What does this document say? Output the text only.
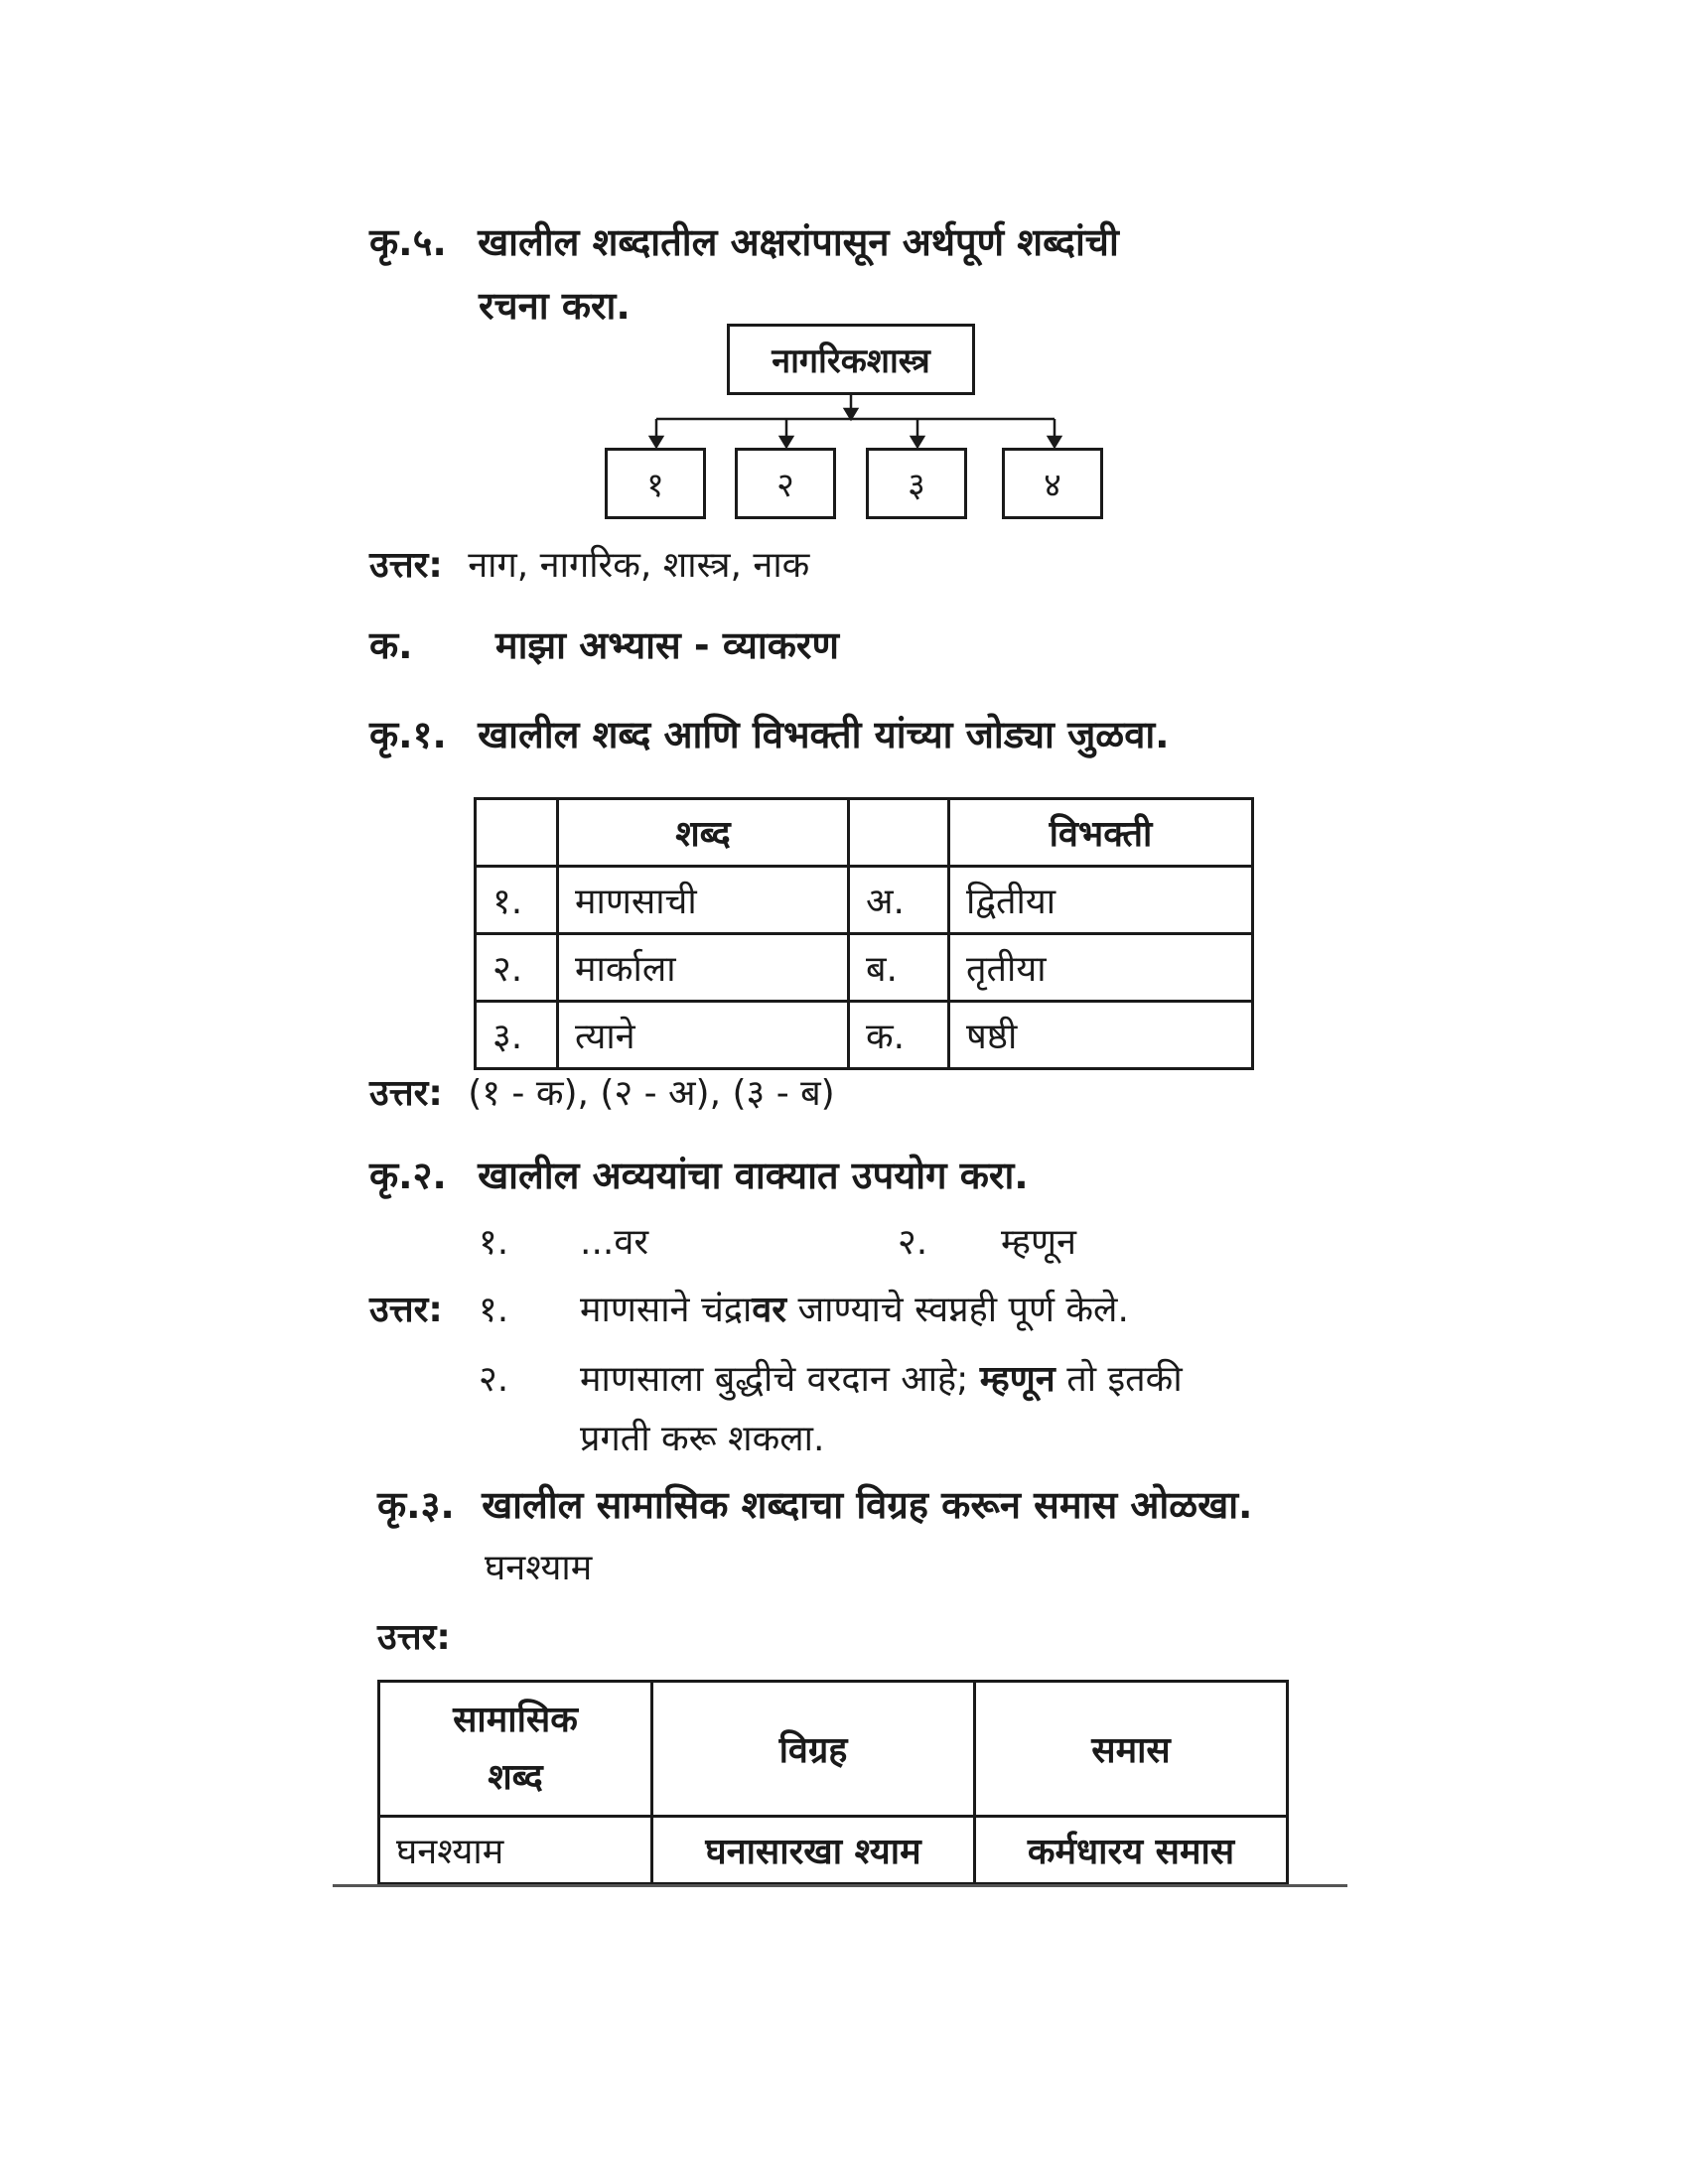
कृ.५. खालील शब्दातील अक्षरांपासून अर्थपूर्ण शब्दांची
रचना करा.
नागरिकशास्त्र
१	२	३	४
उत्तर: नाग, नागरिक, शास्त्र, नाक
क. माझा अभ्यास - व्याकरण
कृ.१. खालील शब्द आणि विभक्ती यांच्या जोड्या जुळवा.
	शब्द		विभक्ती
१.	माणसाची	अ.	द्वितीया
२.	मार्काला	ब.	तृतीया
३.	त्याने	क.	षष्ठी
उत्तर: (१ - क), (२ - अ), (३ - ब)
कृ.२. खालील अव्ययांचा वाक्यात उपयोग करा.
१. ...वर	२. म्हणून
उत्तर: १. माणसाने चंद्रावर जाण्याचे स्वप्नही पूर्ण केले.
२. माणसाला बुद्धीचे वरदान आहे; म्हणून तो इतकी
प्रगती करू शकला.
कृ.३. खालील सामासिक शब्दाचा विग्रह करून समास ओळखा.
घनश्याम
उत्तर:
सामासिक
शब्द	विग्रह	समास
घनश्याम	घनासारखा श्याम	कर्मधारय समास
